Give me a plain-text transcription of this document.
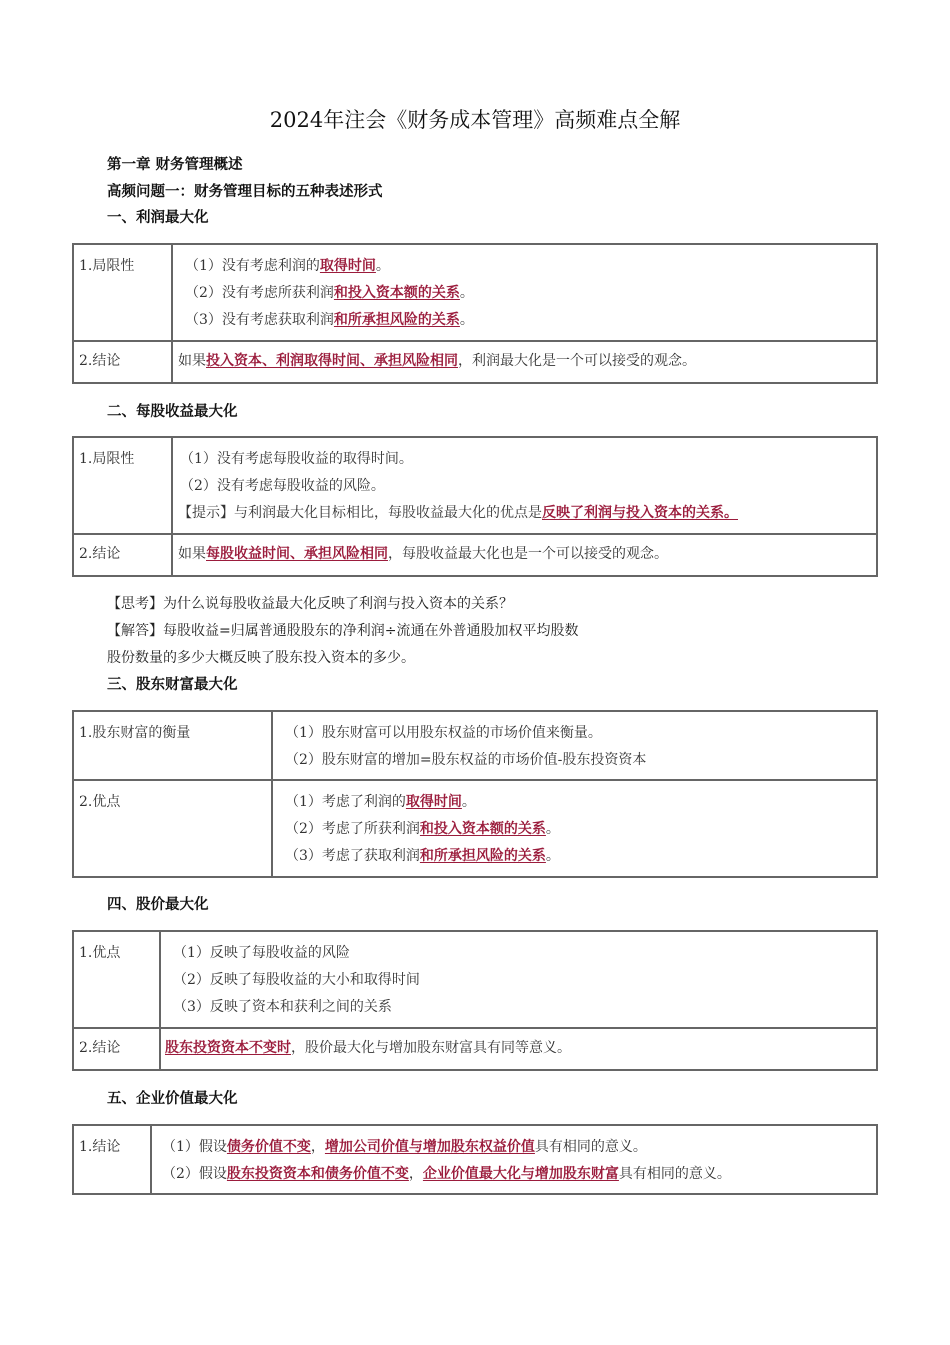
2024年注会《财务成本管理》高频难点全解
第一章 财务管理概述
高频问题一：财务管理目标的五种表述形式
一、利润最大化
1.局限性	（1）没有考虑利润的取得时间。
（2）没有考虑所获利润和投入资本额的关系。
（3）没有考虑获取利润和所承担风险的关系。

2.结论	如果投入资本、利润取得时间、承担风险相同，利润最大化是一个可以接受的观念。
二、每股收益最大化
1.局限性	（1）没有考虑每股收益的取得时间。
（2）没有考虑每股收益的风险。
【提示】与利润最大化目标相比，每股收益最大化的优点是反映了利润与投入资本的关系。

2.结论	如果每股收益时间、承担风险相同，每股收益最大化也是一个可以接受的观念。
【思考】为什么说每股收益最大化反映了利润与投入资本的关系？
【解答】每股收益=归属普通股股东的净利润÷流通在外普通股加权平均股数
股份数量的多少大概反映了股东投入资本的多少。
三、股东财富最大化
1.股东财富的衡量	（1）股东财富可以用股东权益的市场价值来衡量。
（2）股东财富的增加=股东权益的市场价值-股东投资资本

2.优点	（1）考虑了利润的取得时间。
（2）考虑了所获利润和投入资本额的关系。
（3）考虑了获取利润和所承担风险的关系。
四、股价最大化
1.优点	（1）反映了每股收益的风险
（2）反映了每股收益的大小和取得时间
（3）反映了资本和获利之间的关系

2.结论	股东投资资本不变时，股价最大化与增加股东财富具有同等意义。
五、企业价值最大化
1.结论	（1）假设债务价值不变，增加公司价值与增加股东权益价值具有相同的意义。
（2）假设股东投资资本和债务价值不变，企业价值最大化与增加股东财富具有相同的意义。
